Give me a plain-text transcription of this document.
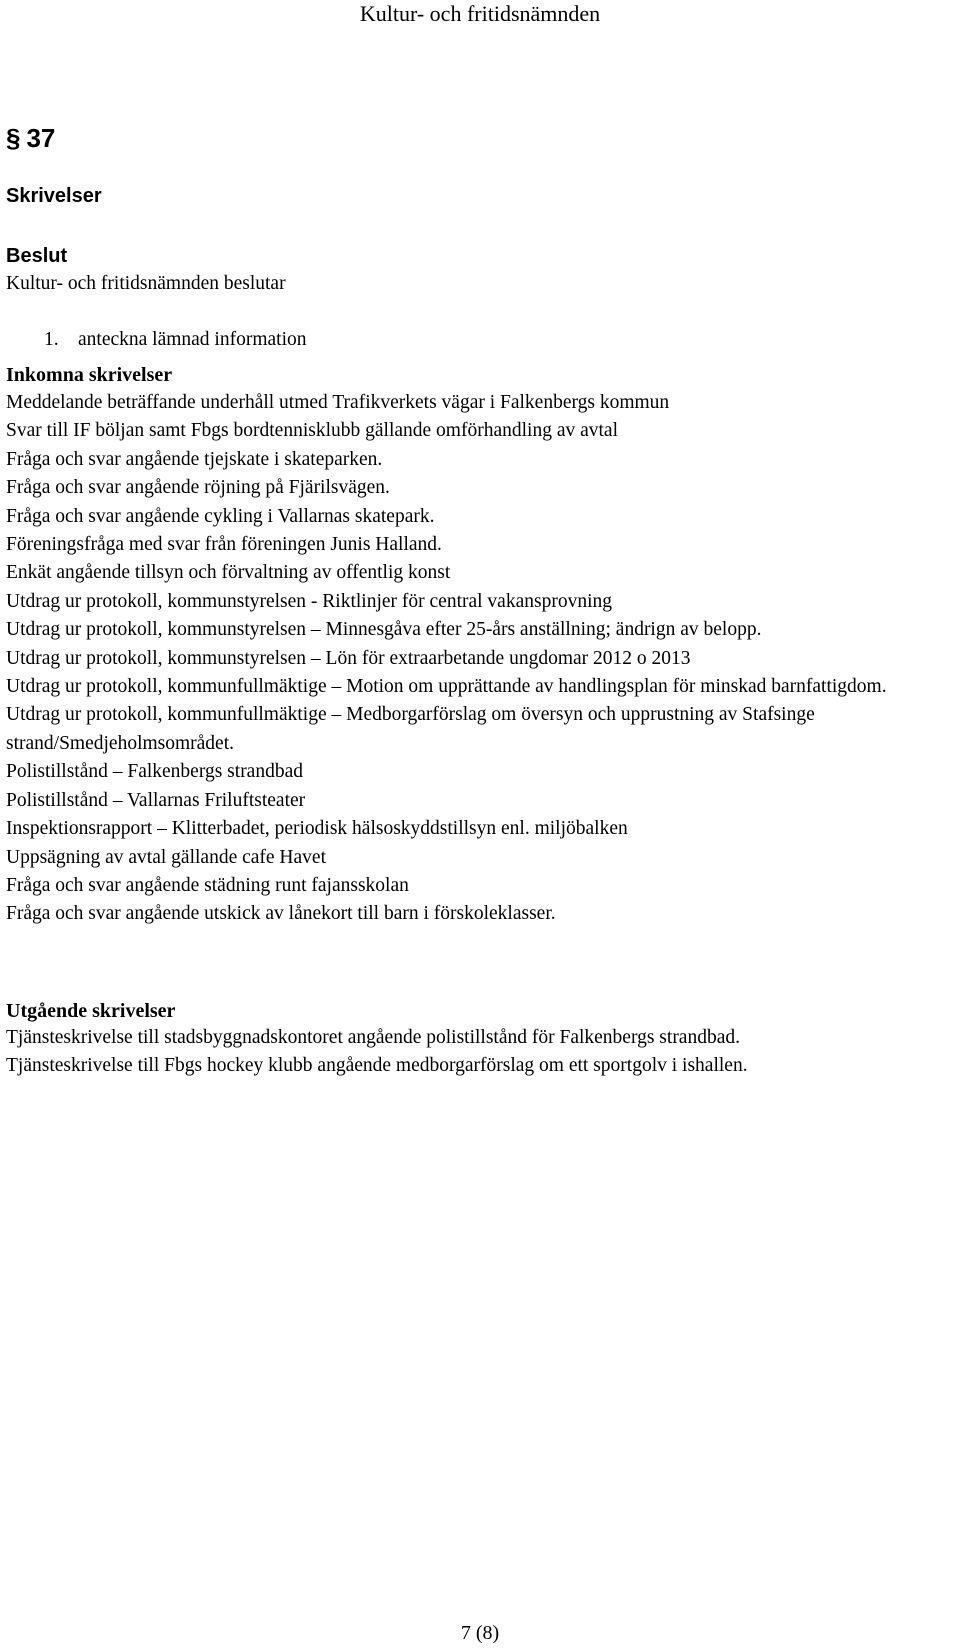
Kultur- och fritidsnämnden
§ 37
Skrivelser
Beslut
Kultur- och fritidsnämnden beslutar
1. anteckna lämnad information
Inkomna skrivelser
Meddelande beträffande underhåll utmed Trafikverkets vägar i Falkenbergs kommun
Svar till IF böljan samt Fbgs bordtennisklubb gällande omförhandling av avtal
Fråga och svar angående tjejskate i skateparken.
Fråga och svar angående röjning på Fjärilsvägen.
Fråga och svar angående cykling i Vallarnas skatepark.
Föreningsfråga med svar från föreningen Junis Halland.
Enkät angående tillsyn och förvaltning av offentlig konst
Utdrag ur protokoll, kommunstyrelsen - Riktlinjer för central vakansprovning
Utdrag ur protokoll, kommunstyrelsen – Minnesgåva efter 25-års anställning; ändrign av belopp.
Utdrag ur protokoll, kommunstyrelsen – Lön för extraarbetande ungdomar 2012 o 2013
Utdrag ur protokoll, kommunfullmäktige – Motion om upprättande av handlingsplan för minskad barnfattigdom.
Utdrag ur protokoll, kommunfullmäktige – Medborgarförslag om översyn och upprustning av Stafsinge strand/Smedjeholmsområdet.
Polistillstånd – Falkenbergs strandbad
Polistillstånd – Vallarnas Friluftsteater
Inspektionsrapport – Klitterbadet, periodisk hälsoskyddstillsyn enl. miljöbalken
Uppsägning av avtal gällande cafe Havet
Fråga och svar angående städning runt fajansskolan
Fråga och svar angående utskick av lånekort till barn i förskoleklasser.
Utgående skrivelser
Tjänsteskrivelse till stadsbyggnadskontoret angående polistillstånd för Falkenbergs strandbad.
Tjänsteskrivelse till Fbgs hockey klubb angående medborgarförslag om ett sportgolv i ishallen.
7 (8)
